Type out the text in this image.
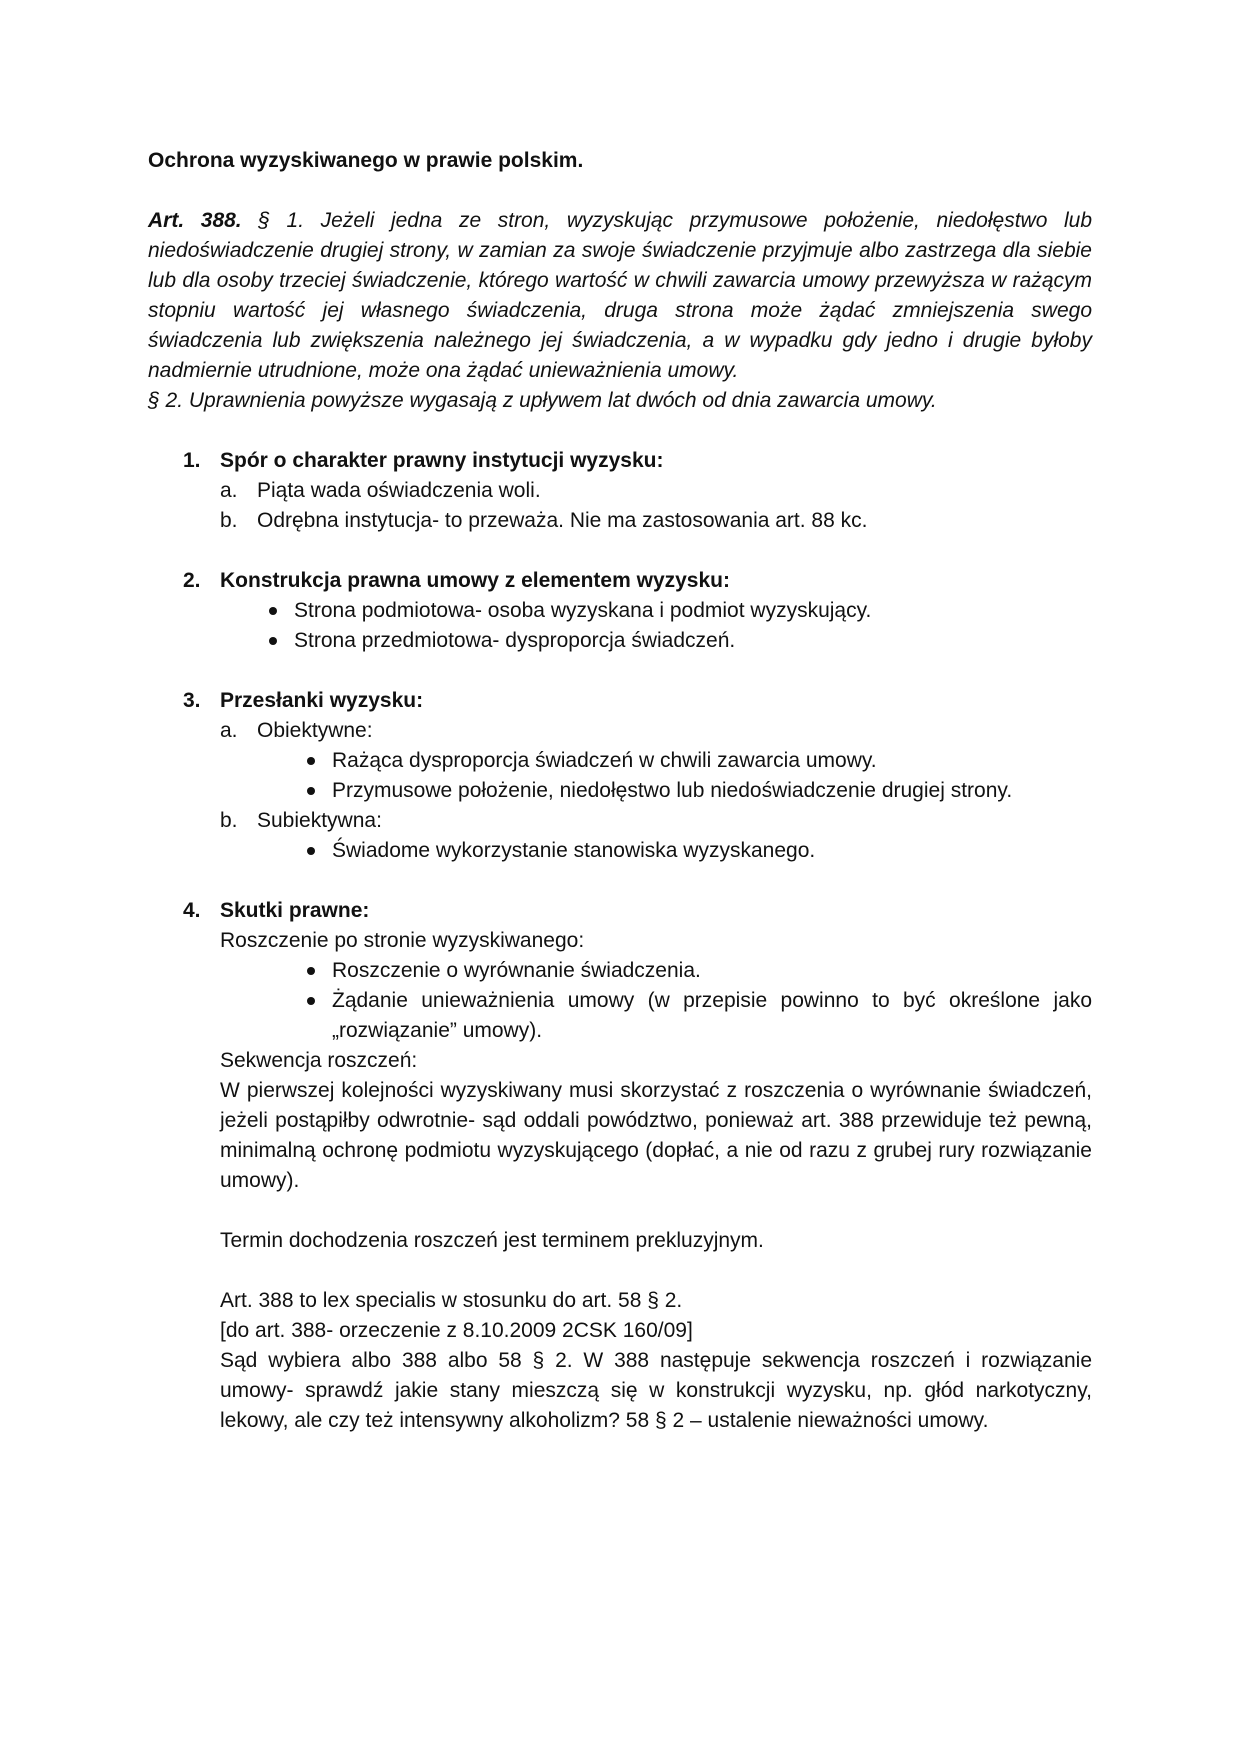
Ochrona wyzyskiwanego w prawie polskim.

Art. 388. § 1. Jeżeli jedna ze stron, wyzyskując przymusowe położenie, niedołęstwo lub niedoświadczenie drugiej strony, w zamian za swoje świadczenie przyjmuje albo zastrzega dla siebie lub dla osoby trzeciej świadczenie, którego wartość w chwili zawarcia umowy przewyższa w rażącym stopniu wartość jej własnego świadczenia, druga strona może żądać zmniejszenia swego świadczenia lub zwiększenia należnego jej świadczenia, a w wypadku gdy jedno i drugie byłoby nadmiernie utrudnione, może ona żądać unieważnienia umowy.

§ 2. Uprawnienia powyższe wygasają z upływem lat dwóch od dnia zawarcia umowy.

1. Spór o charakter prawny instytucji wyzysku:
a. Piąta wada oświadczenia woli.
b. Odrębna instytucja- to przeważa. Nie ma zastosowania art. 88 kc.
2. Konstrukcja prawna umowy z elementem wyzysku:
Strona podmiotowa- osoba wyzyskana i podmiot wyzyskujący.
Strona przedmiotowa- dysproporcja świadczeń.
3. Przesłanki wyzysku:
a. Obiektywne:
Rażąca dysproporcja świadczeń w chwili zawarcia umowy.
Przymusowe położenie, niedołęstwo lub niedoświadczenie drugiej strony.
b. Subiektywna:
Świadome wykorzystanie stanowiska wyzyskanego.
4. Skutki prawne:
Roszczenie po stronie wyzyskiwanego:
Roszczenie o wyrównanie świadczenia.
Żądanie unieważnienia umowy (w przepisie powinno to być określone jako „rozwiązanie” umowy).
Sekwencja roszczeń:
W pierwszej kolejności wyzyskiwany musi skorzystać z roszczenia o wyrównanie świadczeń, jeżeli postąpiłby odwrotnie- sąd oddali powództwo, ponieważ art. 388 przewiduje też pewną, minimalną ochronę podmiotu wyzyskującego (dopłać, a nie od razu z grubej rury rozwiązanie umowy).
Termin dochodzenia roszczeń jest terminem prekluzyjnym.
Art. 388 to lex specialis w stosunku do art. 58 § 2.
[do art. 388- orzeczenie z 8.10.2009 2CSK 160/09]
Sąd wybiera albo 388 albo 58 § 2. W 388 następuje sekwencja roszczeń i rozwiązanie umowy- sprawdź jakie stany mieszczą się w konstrukcji wyzysku, np. głód narkotyczny, lekowy, ale czy też intensywny alkoholizm? 58 § 2 – ustalenie nieważności umowy.
